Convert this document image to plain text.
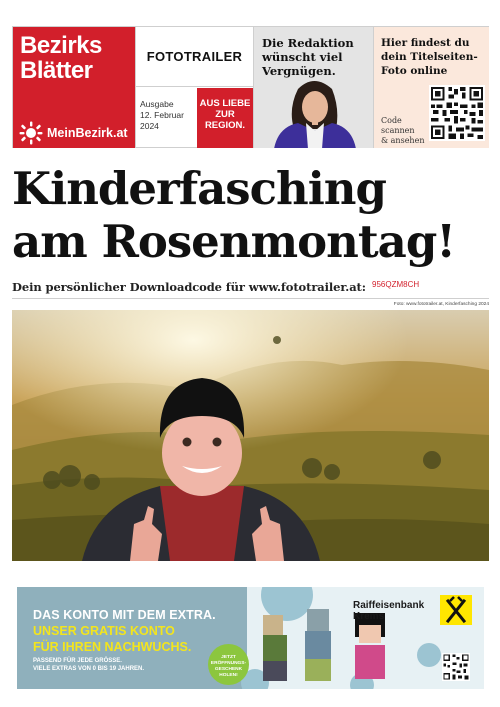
Bezirks
Blätter
MeinBezirk.at
FOTOTRAILER
Ausgabe
12. Februar
2024
AUS LIEBE
ZUR
REGION.
Die Redaktion
wünscht viel
Vergnügen.
Hier findest du
dein Titelseiten-
Foto online
Code
scannen
& ansehen
Kinderfasching
am Rosenmontag!
Dein persönlicher Downloadcode für www.fototrailer.at: 956QZM8CH
Foto: www.fototrailer.at, Kinderfasching 2024
DAS KONTO MIT DEM EXTRA.
UNSER GRATIS KONTO
FÜR IHREN NACHWUCHS.
PASSEND FÜR JEDE GRÖSSE.
VIELE EXTRAS VON 0 BIS 19 JAHREN.
JETZT
ERÖFFNUNGS-
GESCHENK
HOLEN!
Raiffeisenbank
Krems
